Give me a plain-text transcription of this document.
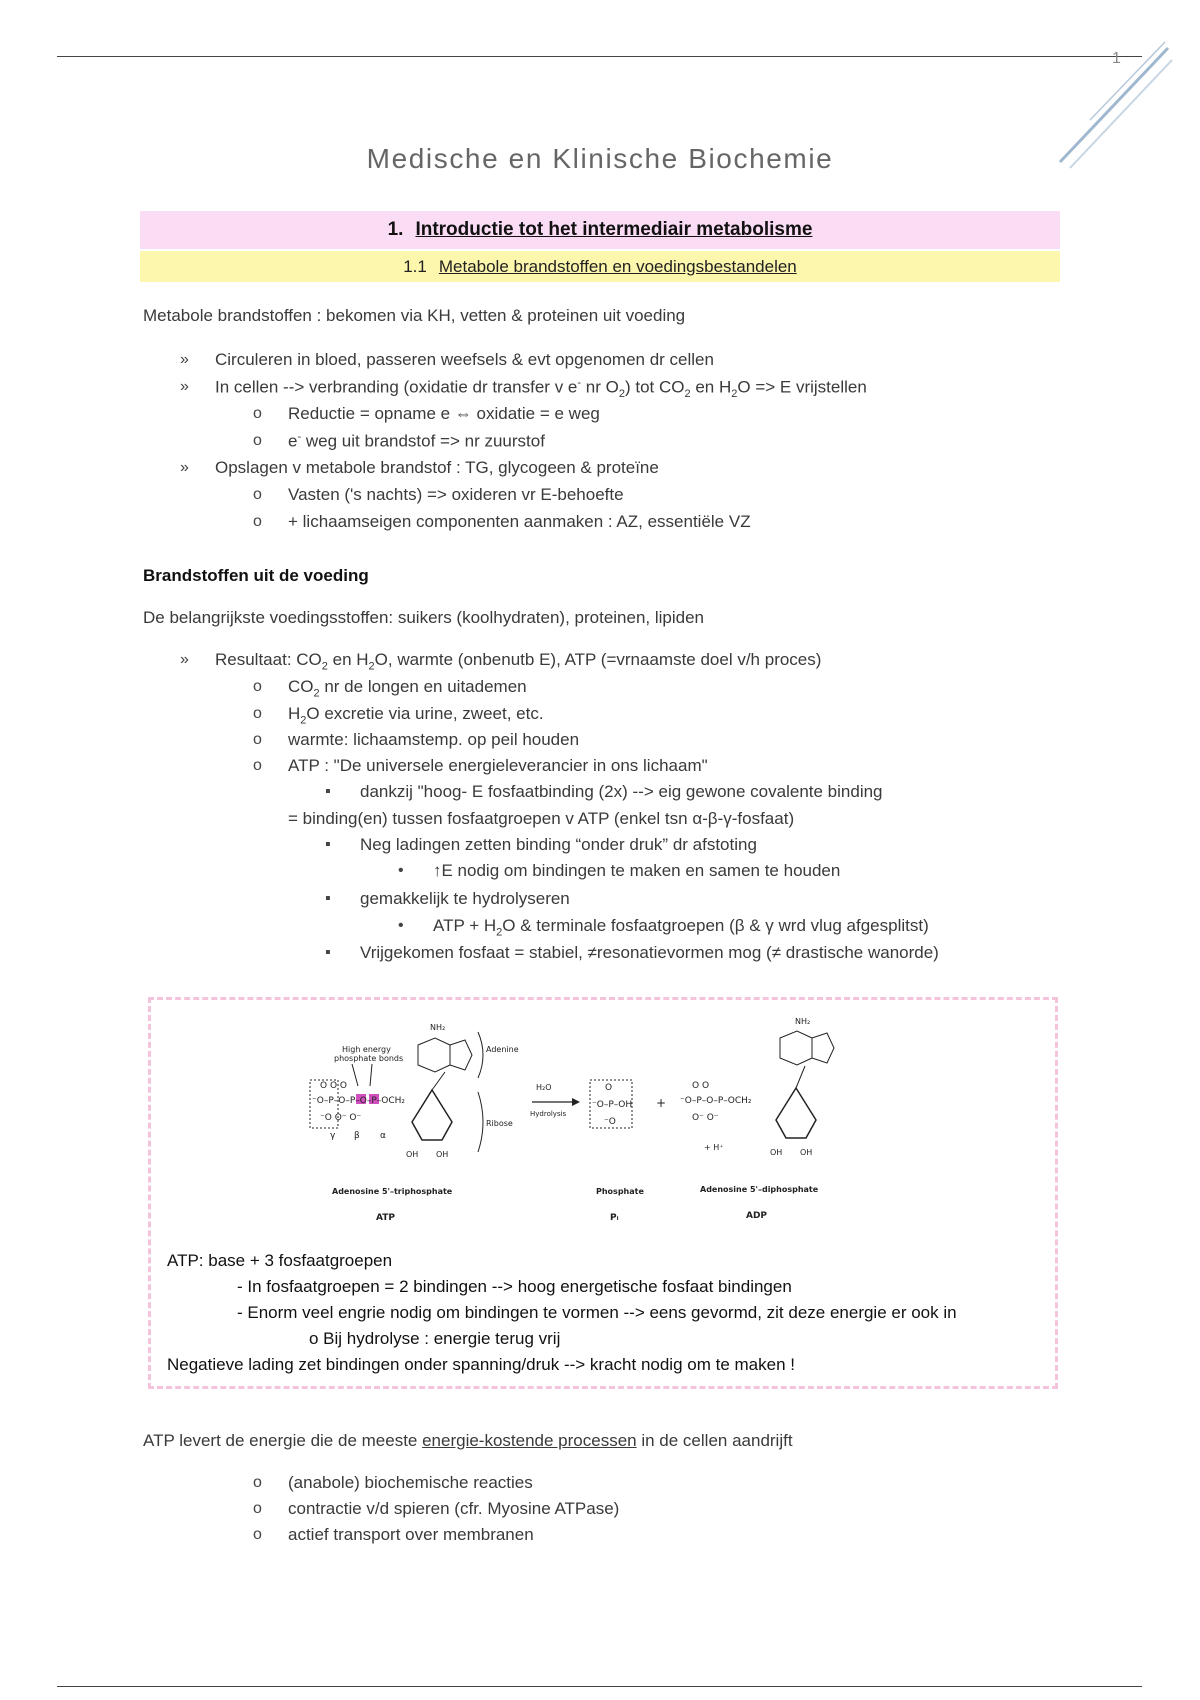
1
Medische en Klinische Biochemie
1. Introductie tot het intermediair metabolisme
1.1 Metabole brandstoffen en voedingsbestandelen
Metabole brandstoffen : bekomen via KH, vetten & proteinen uit voeding
» Circuleren in bloed, passeren weefsels & evt opgenomen dr cellen
» In cellen --> verbranding (oxidatie dr transfer v e- nr $O_2$) tot $CO_2$ en $H_2O => E$ vrijstellen
o Reductie = opname e ⇔ oxidatie = e weg
o e- weg uit brandstof => nr zuurstof
» Opslagen v metabole brandstof : TG, glycogeen & proteïne
o Vasten ('s nachts) => oxideren vr E-behoefte
o + lichaamseigen componenten aanmaken : AZ, essentiële VZ
Brandstoffen uit de voeding
De belangrijkste voedingsstoffen: suikers (koolhydraten), proteinen, lipiden
» Resultaat: $CO_2$ en $H_2O$, warmte (onbenutb E), ATP (=vrnaamste doel v/h proces)
o $CO_2$ nr de longen en uitademen
o $H_2O$ excretie via urine, zweet, etc.
o warmte: lichaamstemp. op peil houden
o ATP : "De universele energieleverancier in ons lichaam"
▪ dankzij "hoog- E fosfaatbinding (2x) --> eig gewone covalente binding
= binding(en) tussen fosfaatgroepen v ATP (enkel tsn α-β-γ-fosfaat)
▪ Neg ladingen zetten binding “onder druk” dr afstoting
• ↑E nodig om bindingen te maken en samen te houden
▪ gemakkelijk te hydrolyseren
• ATP + $H_2O$ & terminale fosfaatgroepen (β & γ wrd vlug afgesplitst)
▪ Vrijgekomen fosfaat = stabiel, ≠resonatievormen mog (≠ drastische wanorde)
High energy
phosphate bonds
⁻O–P–O–P–O–P–OCH₂
O O O
⁻O O⁻ O⁻
γ β α
NH₂
Adenine
OH OH
Ribose
Adenosine 5'–triphosphate
ATP
H₂O
Hydrolysis
⁻O–P–OH
O
⁻O
+
Phosphate
Pᵢ
⁻O–P–O–P–OCH₂
O O
O⁻ O⁻
+ H⁺
NH₂
OH OH
Adenosine 5'–diphosphate
ADP
ATP: base + 3 fosfaatgroepen
- In fosfaatgroepen = 2 bindingen --> hoog energetische fosfaat bindingen
- Enorm veel engrie nodig om bindingen te vormen --> eens gevormd, zit deze energie er ook in
o Bij hydrolyse : energie terug vrij
Negatieve lading zet bindingen onder spanning/druk --> kracht nodig om te maken !
ATP levert de energie die de meeste energie-kostende processen in de cellen aandrijft
o (anabole) biochemische reacties
o contractie v/d spieren (cfr. Myosine ATPase)
o actief transport over membranen
